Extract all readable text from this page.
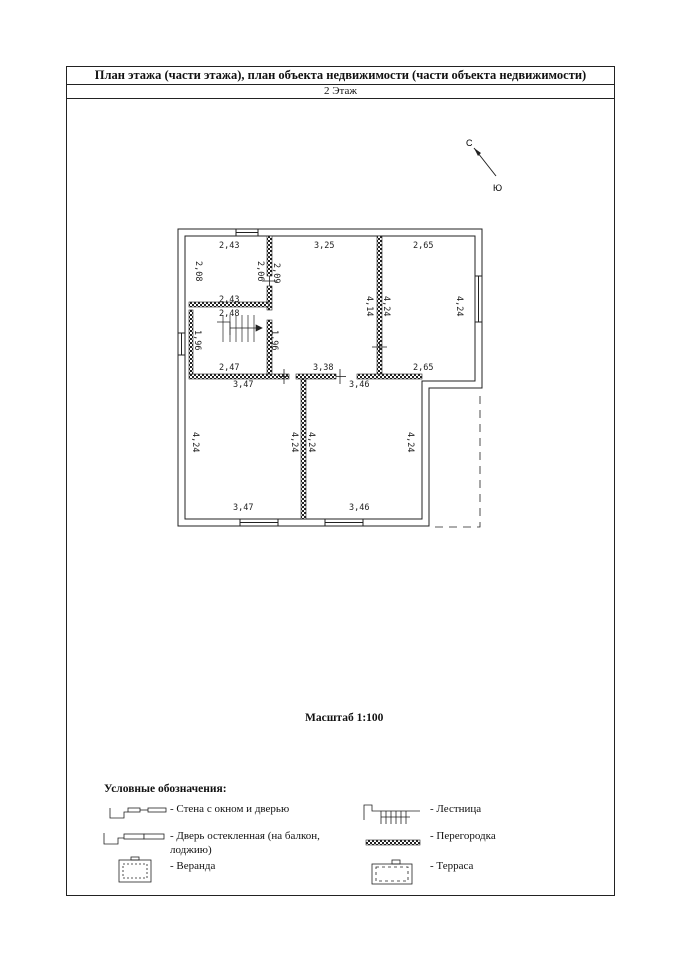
План этажа (части этажа), план объекта недвижимости (части объекта недвижимости)
2 Этаж
Масштаб 1:100
Условные обозначения:
- Стена с окном и дверью	- Лестница
- Дверь остекленная (на балкон, лоджию)
- Перегородка
- Веранда	- Терраса
С
Ю
2,43
2,43
2,08
3,25	2,65
2,65
4,24
2,48
2,47
1,96
3,38
3,47
3,47
4,24
3,46
3,46
4,24
2,06 2,09
4,14 4,24
1,96
4,24 4,24
